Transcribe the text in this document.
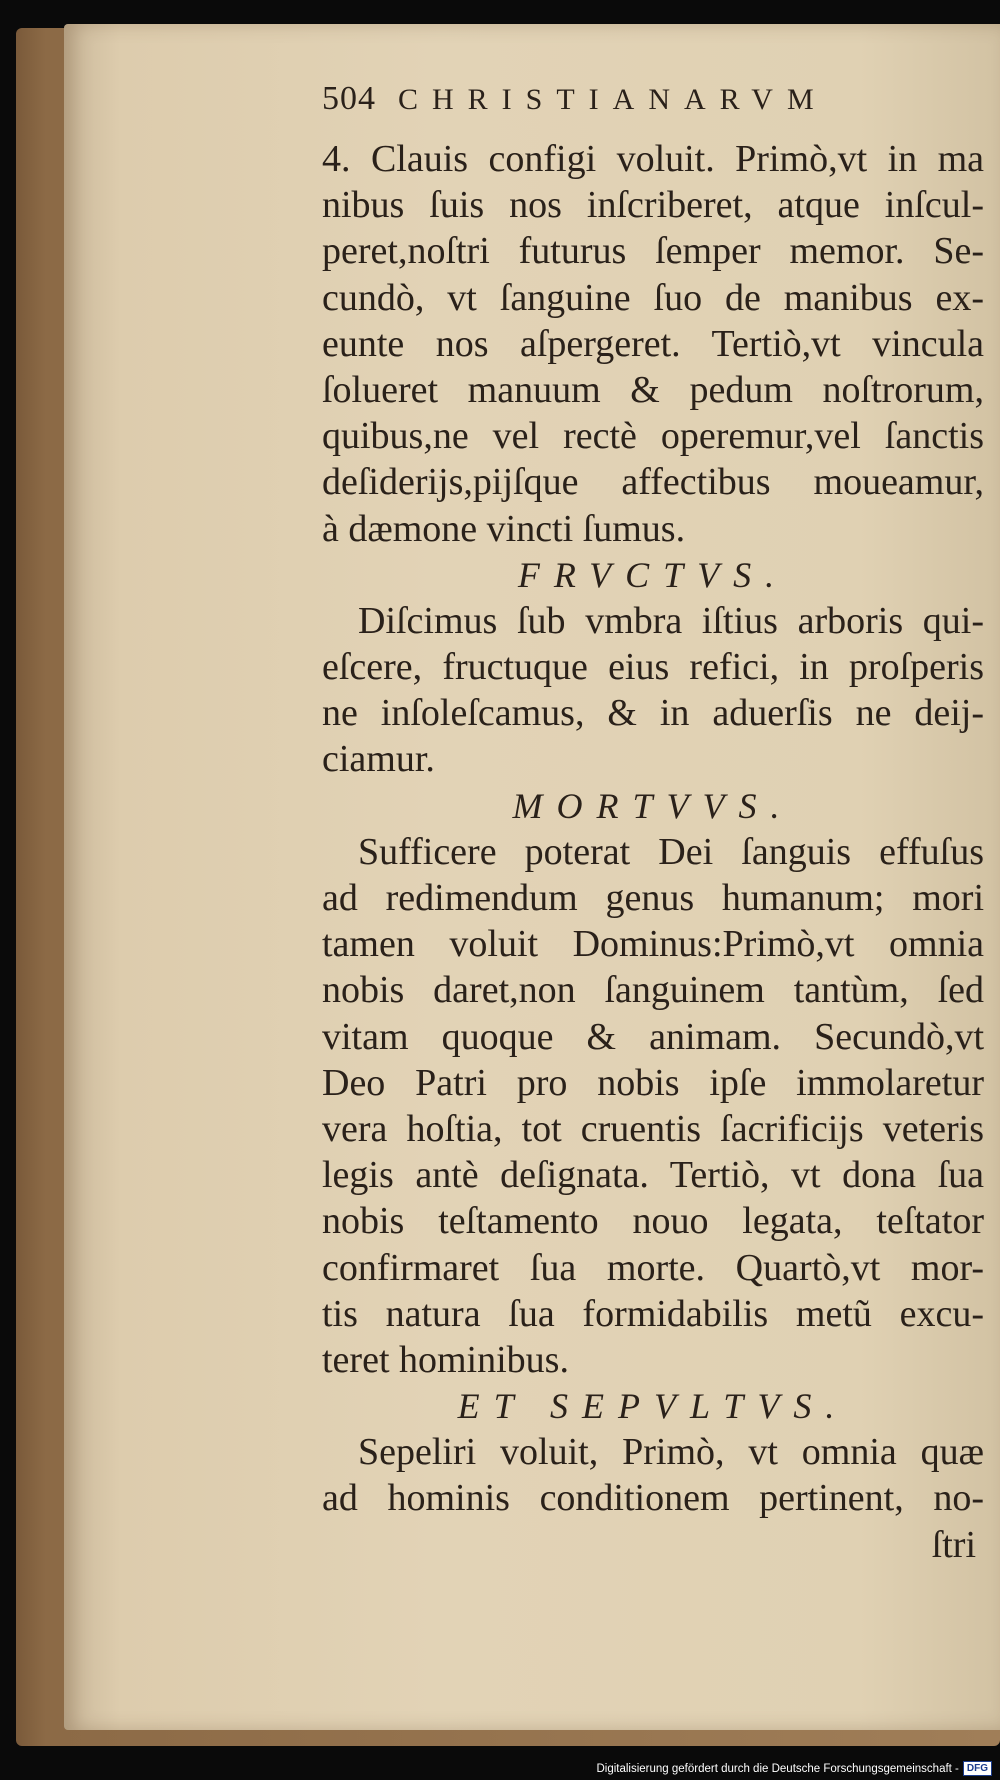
504 CHRISTIANARVM
4. Clauis configi voluit. Primò,vt in ma
nibus ſuis nos inſcriberet, atque inſcul-
peret,noſtri futurus ſemper memor. Se-
cundò, vt ſanguine ſuo de manibus ex-
eunte nos aſpergeret. Tertiò,vt vincula
ſolueret manuum & pedum noſtrorum,
quibus,ne vel rectè operemur,vel ſanctis
deſiderijs,pijſque affectibus moueamur,
à dæmone vincti ſumus.
FRVCTVS.
Diſcimus ſub vmbra iſtius arboris qui-
eſcere, fructuque eius refici, in proſperis
ne inſoleſcamus, & in aduerſis ne deij-
ciamur.
MORTVVS.
Sufficere poterat Dei ſanguis effuſus
ad redimendum genus humanum; mori
tamen voluit Dominus:Primò,vt omnia
nobis daret,non ſanguinem tantùm, ſed
vitam quoque & animam. Secundò,vt
Deo Patri pro nobis ipſe immolaretur
vera hoſtia, tot cruentis ſacrificijs veteris
legis antè deſignata. Tertiò, vt dona ſua
nobis teſtamento nouo legata, teſtator
confirmaret ſua morte. Quartò,vt mor-
tis natura ſua formidabilis metũ excu-
teret hominibus.
ET SEPVLTVS.
Sepeliri voluit, Primò, vt omnia quæ
ad hominis conditionem pertinent, no-
ſtri
Digitalisierung gefördert durch die Deutsche Forschungsgemeinschaft - DFG
